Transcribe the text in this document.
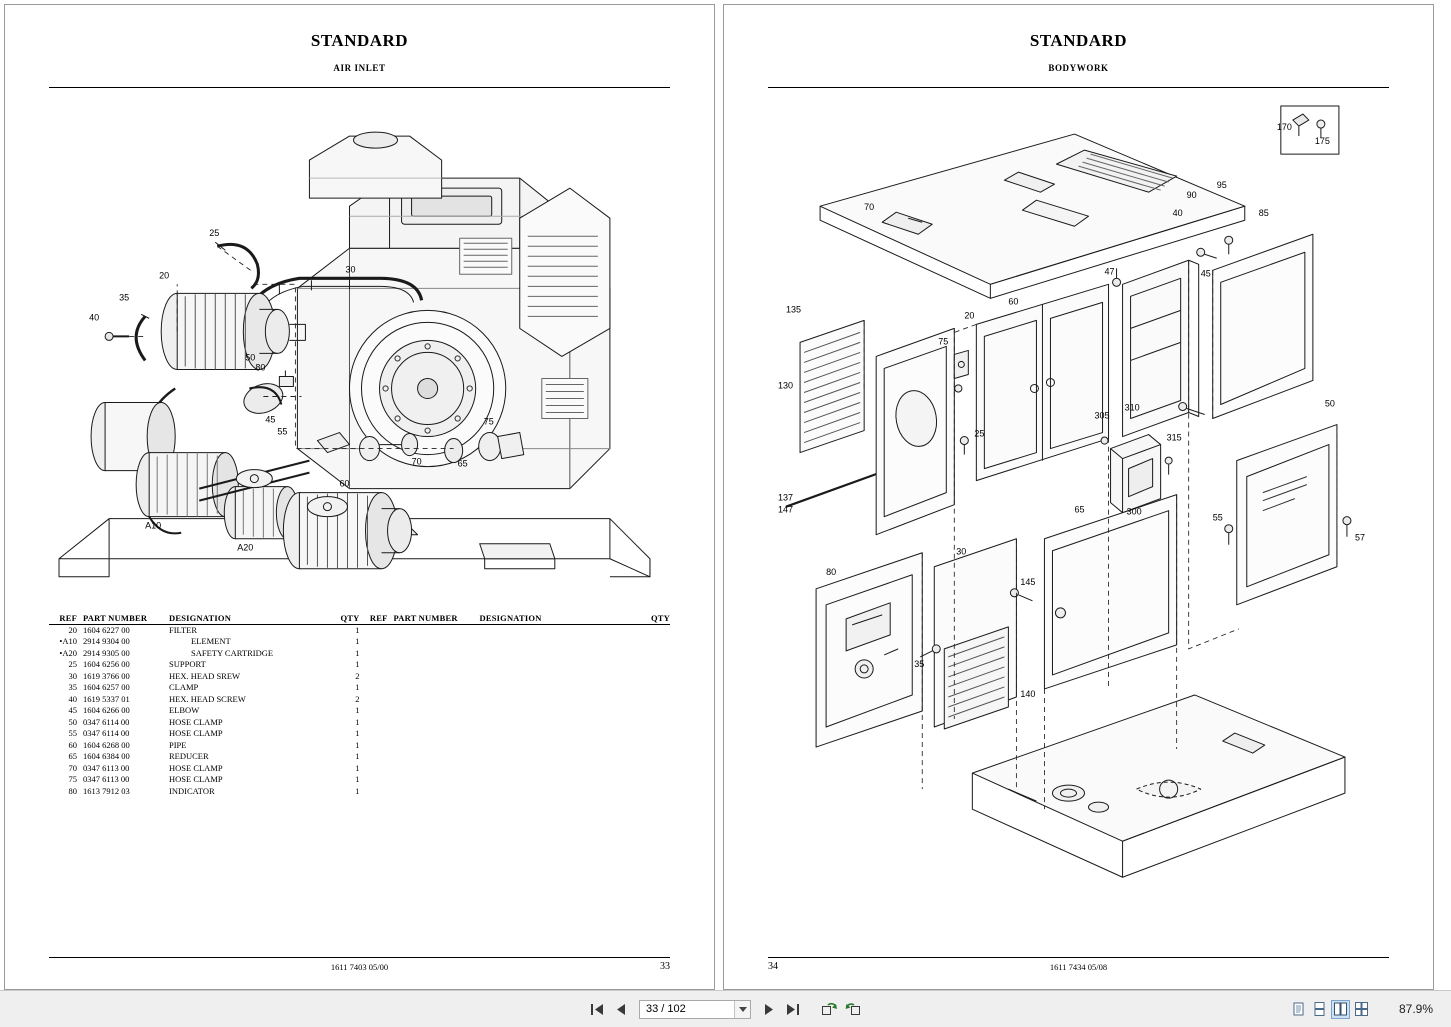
STANDARD
AIR INLET
20
25
30
35
40
45
50
55
60
65
70
75
80
A10
A20
REF PART NUMBER	DESIGNATION	QTY
20 1604 6227 00	FILTER	1
•A10 2914 9304 00	ELEMENT	1
•A20 2914 9305 00	SAFETY CARTRIDGE	1
25 1604 6256 00	SUPPORT	1
30 1619 3766 00	HEX. HEAD SREW	2
35 1604 6257 00	CLAMP	1
40 1619 5337 01	HEX. HEAD SCREW	2
45 1604 6266 00	ELBOW	1
50 0347 6114 00	HOSE CLAMP	1
55 0347 6114 00	HOSE CLAMP	1
60 1604 6268 00	PIPE	1
65 1604 6384 00	REDUCER	1
70 0347 6113 00	HOSE CLAMP	1
75 0347 6113 00	HOSE CLAMP	1
80 1613 7912 03	INDICATOR	1
REF PART NUMBER	DESIGNATION	QTY
1611 7403 05/00	33
STANDARD
BODYWORK
170
175
70
90
95
40	85
47	45
20
60
75
135
130
25
305
310
315
300
50
55
57
137
147	65
80
30
145
35
140
34	1611 7434 05/08
33 / 102	87.9%
